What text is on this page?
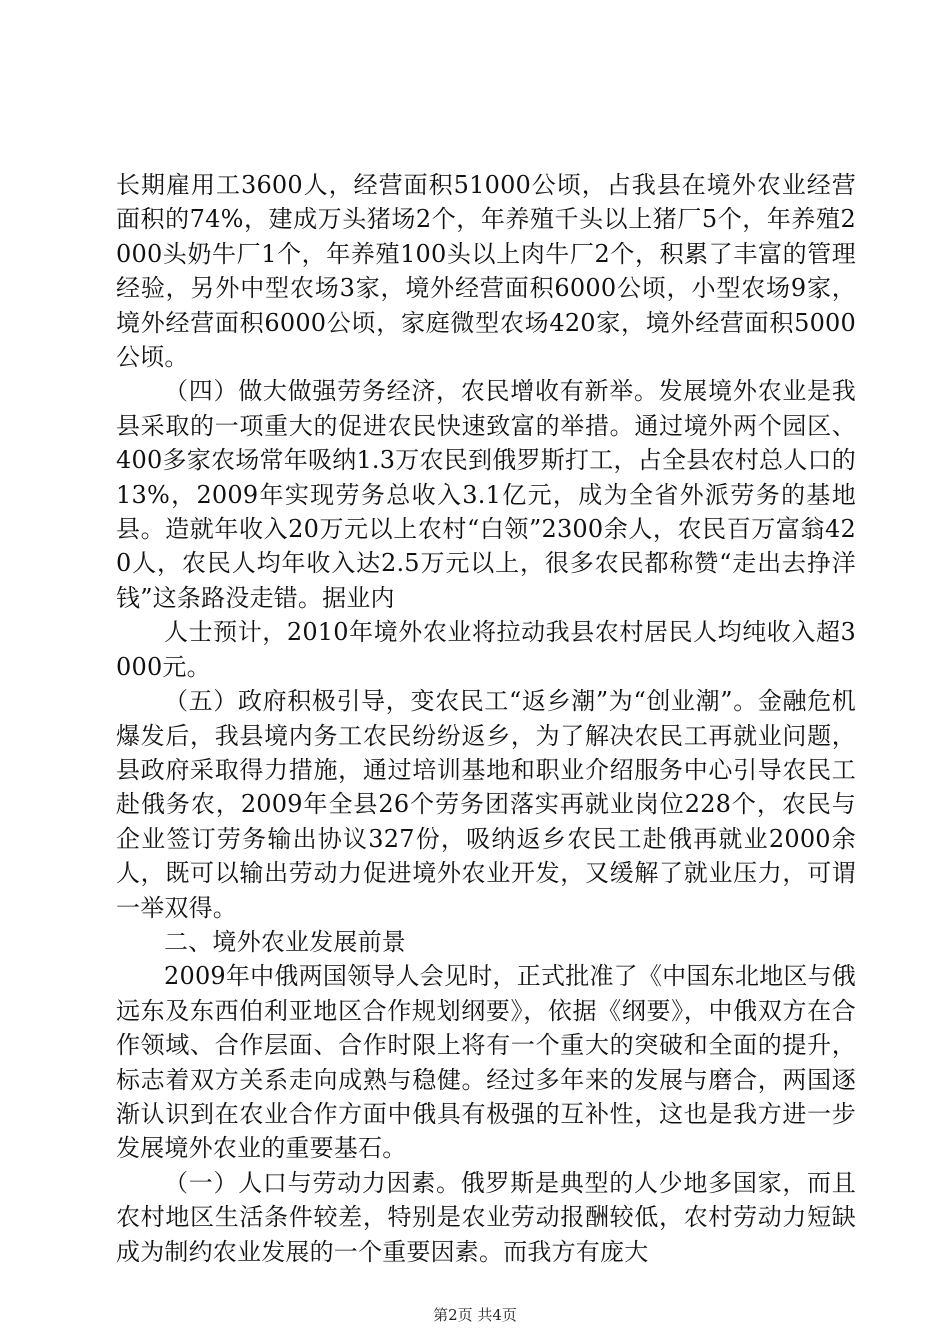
长期雇用工3600人，经营面积51000公顷，占我县在境外农业经营面积的74%，建成万头猪场2个，年养殖千头以上猪厂5个，年养殖2000头奶牛厂1个，年养殖100头以上肉牛厂2个，积累了丰富的管理经验，另外中型农场3家，境外经营面积6000公顷，小型农场9家，境外经营面积6000公顷，家庭微型农场420家，境外经营面积5000公顷。

（四）做大做强劳务经济，农民增收有新举。发展境外农业是我县采取的一项重大的促进农民快速致富的举措。通过境外两个园区、400多家农场常年吸纳1.3万农民到俄罗斯打工，占全县农村总人口的13%，2009年实现劳务总收入3.1亿元，成为全省外派劳务的基地县。造就年收入20万元以上农村“白领”2300余人，农民百万富翁420人，农民人均年收入达2.5万元以上，很多农民都称赞“走出去挣洋钱”这条路没走错。据业内

人士预计，2010年境外农业将拉动我县农村居民人均纯收入超3000元。

（五）政府积极引导，变农民工“返乡潮”为“创业潮”。金融危机爆发后，我县境内务工农民纷纷返乡，为了解决农民工再就业问题，县政府采取得力措施，通过培训基地和职业介绍服务中心引导农民工赴俄务农，2009年全县26个劳务团落实再就业岗位228个，农民与企业签订劳务输出协议327份，吸纳返乡农民工赴俄再就业2000余人，既可以输出劳动力促进境外农业开发，又缓解了就业压力，可谓一举双得。

二、境外农业发展前景

2009年中俄两国领导人会见时，正式批准了《中国东北地区与俄远东及东西伯利亚地区合作规划纲要》，依据《纲要》，中俄双方在合作领域、合作层面、合作时限上将有一个重大的突破和全面的提升，标志着双方关系走向成熟与稳健。经过多年来的发展与磨合，两国逐渐认识到在农业合作方面中俄具有极强的互补性，这也是我方进一步发展境外农业的重要基石。

（一）人口与劳动力因素。俄罗斯是典型的人少地多国家，而且农村地区生活条件较差，特别是农业劳动报酬较低，农村劳动力短缺成为制约农业发展的一个重要因素。而我方有庞大

第2页 共4页
